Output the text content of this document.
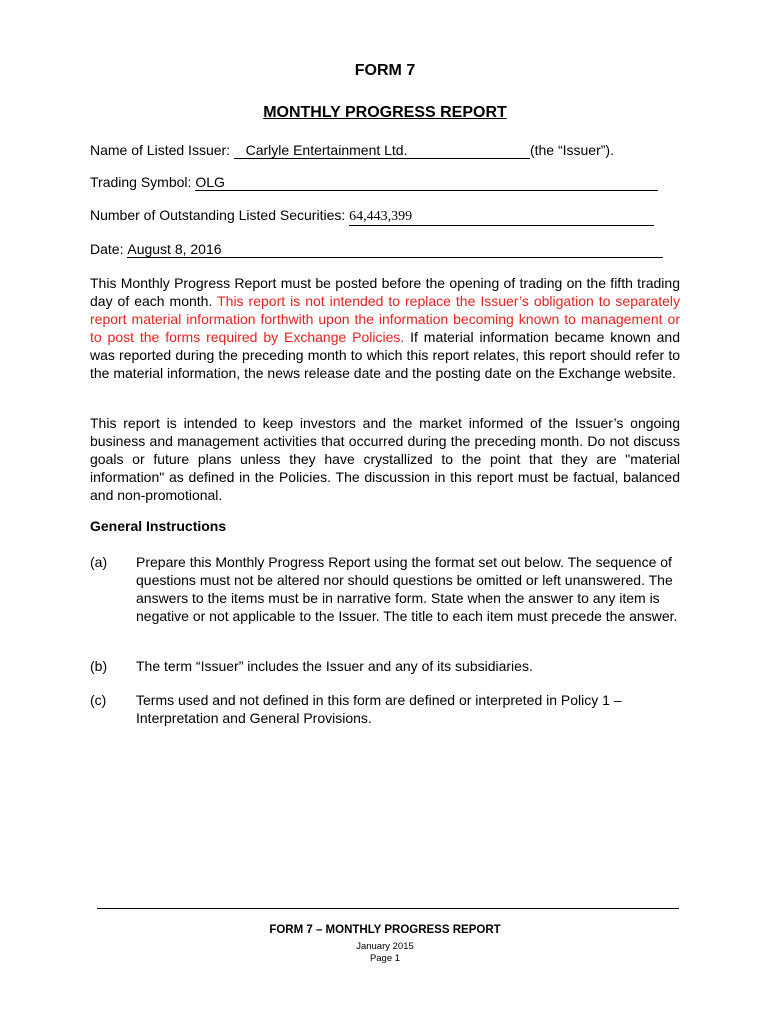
FORM 7
MONTHLY PROGRESS REPORT
Name of Listed Issuer: Carlyle Entertainment Ltd.	(the “Issuer”).
Trading Symbol: OLG
Number of Outstanding Listed Securities: 64,443,399
Date: August 8, 2016
This Monthly Progress Report must be posted before the opening of trading on the fifth trading day of each month. This report is not intended to replace the Issuer’s obligation to separately report material information forthwith upon the information becoming known to management or to post the forms required by Exchange Policies. If material information became known and was reported during the preceding month to which this report relates, this report should refer to the material information, the news release date and the posting date on the Exchange website.
This report is intended to keep investors and the market informed of the Issuer’s ongoing business and management activities that occurred during the preceding month. Do not discuss goals or future plans unless they have crystallized to the point that they are "material information" as defined in the Policies. The discussion in this report must be factual, balanced and non-promotional.
General Instructions
(a) Prepare this Monthly Progress Report using the format set out below. The sequence of questions must not be altered nor should questions be omitted or left unanswered. The answers to the items must be in narrative form. State when the answer to any item is negative or not applicable to the Issuer. The title to each item must precede the answer.
(b) The term “Issuer” includes the Issuer and any of its subsidiaries.
(c) Terms used and not defined in this form are defined or interpreted in Policy 1 – Interpretation and General Provisions.
FORM 7 – MONTHLY PROGRESS REPORT
January 2015
Page 1
